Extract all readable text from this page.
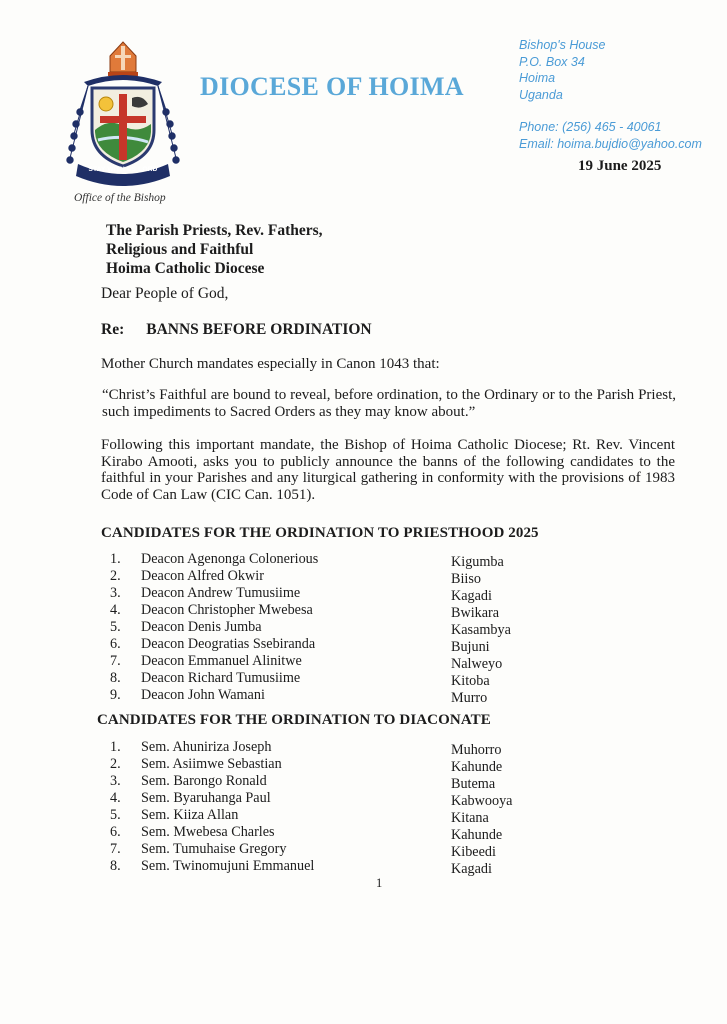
STAY WITH US LORD
DIOCESE OF HOIMA
Office of the Bishop
Bishop's House
P.O. Box 34
Hoima
Uganda
Phone: (256) 465 - 40061
Email: hoima.bujdio@yahoo.com
19 June 2025
The Parish Priests, Rev. Fathers,
Religious and Faithful
Hoima Catholic Diocese
Dear People of God,
Re: BANNS BEFORE ORDINATION
Mother Church mandates especially in Canon 1043 that:
“Christ’s Faithful are bound to reveal, before ordination, to the Ordinary or to the Parish Priest, such impediments to Sacred Orders as they may know about.”
Following this important mandate, the Bishop of Hoima Catholic Diocese; Rt. Rev. Vincent Kirabo Amooti, asks you to publicly announce the banns of the following candidates to the faithful in your Parishes and any liturgical gathering in conformity with the provisions of 1983 Code of Can Law (CIC Can. 1051).
CANDIDATES FOR THE ORDINATION TO PRIESTHOOD 2025
1.	Deacon Agenonga Colonerious	Kigumba
2.	Deacon Alfred Okwir	Biiso
3.	Deacon Andrew Tumusiime	Kagadi
4.	Deacon Christopher Mwebesa	Bwikara
5.	Deacon Denis Jumba	Kasambya
6.	Deacon Deogratias Ssebiranda	Bujuni
7.	Deacon Emmanuel Alinitwe	Nalweyo
8.	Deacon Richard Tumusiime	Kitoba
9.	Deacon John Wamani	Murro
CANDIDATES FOR THE ORDINATION TO DIACONATE
1.	Sem. Ahuniriza Joseph	Muhorro
2.	Sem. Asiimwe Sebastian	Kahunde
3.	Sem. Barongo Ronald	Butema
4.	Sem. Byaruhanga Paul	Kabwooya
5.	Sem. Kiiza Allan	Kitana
6.	Sem. Mwebesa Charles	Kahunde
7.	Sem. Tumuhaise Gregory	Kibeedi
8.	Sem. Twinomujuni Emmanuel	Kagadi
1
